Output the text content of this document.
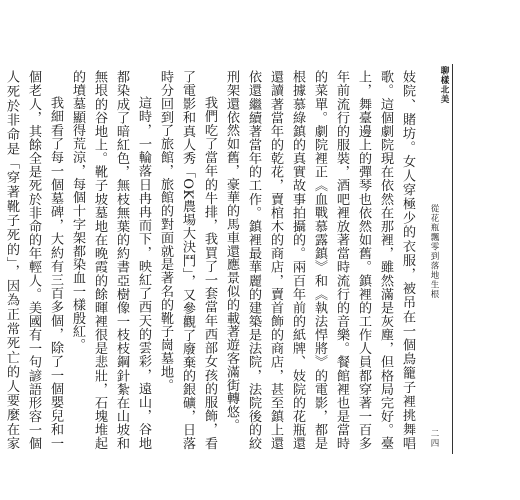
聊樣北美
從花瓶飄零到落地生根
二四

妓院、賭坊。女人穿極少的衣服，被吊在一個鳥籠子裡挑舞唱歌。這個劇院現在依然在那裡，雖然滿是灰塵，但格局完好。臺上，舞臺邊上的彈琴也依然如舊。鎮裡的工作人員都穿著一百多年前流行的服裝，酒吧裡放著當時流行的音樂。餐館裡也是當時的菜單。劇院裡正《血戰慕露鎮》和《執法悍將》的電影，都是根據慕綠鎮的真實故事拍攝的。兩百年前的紙牌、妓院的花瓶還還讀著當年的乾花，賣棺木的商店，賣首飾的商店，甚至鎮上還依還繼續著當年的工作。鎮裡最華麗的建築是法院，法院後的絞刑架還依然如舊，豪華的馬車還應景似的載著遊客滿街轉悠。

我們吃了當年的牛排，我買了一套當年西部女孩的服飾，看了電影和真人秀「OK農場大決鬥」，又參觀了廢棄的銀礦，日落時分回到了旅館，旅館的對面就是著名的靴子崗墓地。

這時，一輪落日冉冉而下，映紅了西天的雲彩，遠山，谷地都染成了暗紅色，無枝無葉的約書亞樹像一枝枝鋼針紮在山坡和無垠的谷地上。靴子坡墓地在晚霞的餘暉裡很是悲壯，石塊堆起的墳墓顯得荒涼，每個十字架都染血一樣殷紅。

我細看了每一個墓碑，大約有三百多個，除了一個嬰兒和一個老人，其餘全是死於非命的年輕人。美國有一句諺語形容一個人死於非命是「穿著靴子死的」，因為正常死亡的人要麼在家
